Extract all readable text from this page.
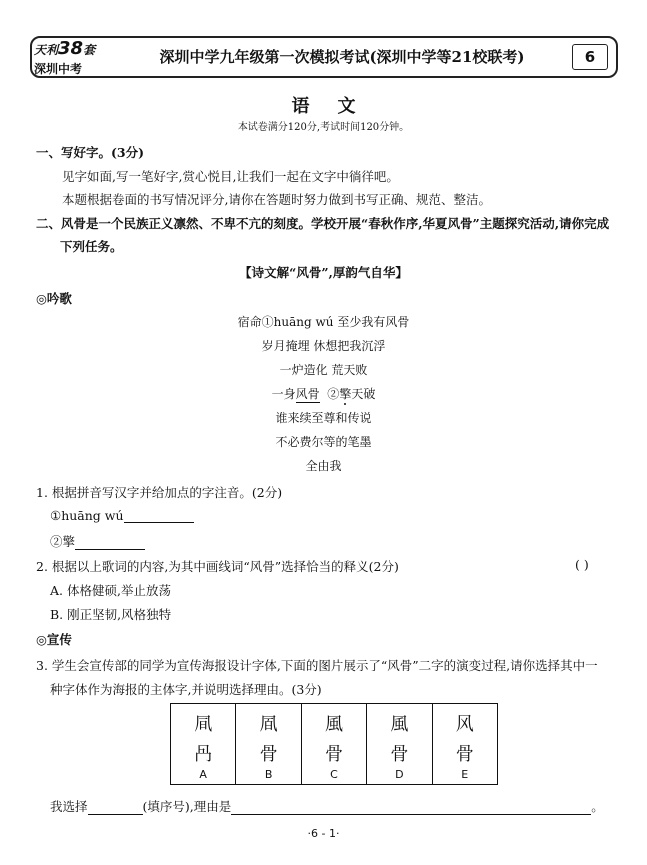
天利38套
深圳中考
深圳中学九年级第一次模拟考试(深圳中学等21校联考)	6
语文
本试卷满分120分,考试时间120分钟。
一、写好字。(3分)
见字如面,写一笔好字,赏心悦目,让我们一起在文字中徜徉吧。
本题根据卷面的书写情况评分,请你在答题时努力做到书写正确、规范、整洁。
二、风骨是一个民族正义凛然、不卑不亢的刻度。学校开展“春秋作序,华夏风骨”主题探究活动,请你完成
下列任务。
【诗文解“风骨”,厚韵气自华】
◎吟歌
宿命①huāng wú 至少我有风骨
岁月掩埋 休想把我沉浮
一炉造化 荒天败
一身风骨  ②擎天破
谁来续至尊和传说
不必费尔等的笔墨
全由我
1. 根据拼音写汉字并给加点的字注音。(2分)
①huāng wú
②擎
2. 根据以上歌词的内容,为其中画线词“风骨”选择恰当的释义(2分)	( )
A. 体格健硕,举止放荡
B. 刚正坚韧,风格独特
◎宣传
3. 学生会宣传部的同学为宣传海报设计字体,下面的图片展示了“风骨”二字的演变过程,请你选择其中一
种字体作为海报的主体字,并说明选择理由。(3分)
凬
冎
A

凮
骨
B

風
骨
C

風
骨
D

风
骨
E
我选择	(填序号),理由是	。
·6 - 1·
